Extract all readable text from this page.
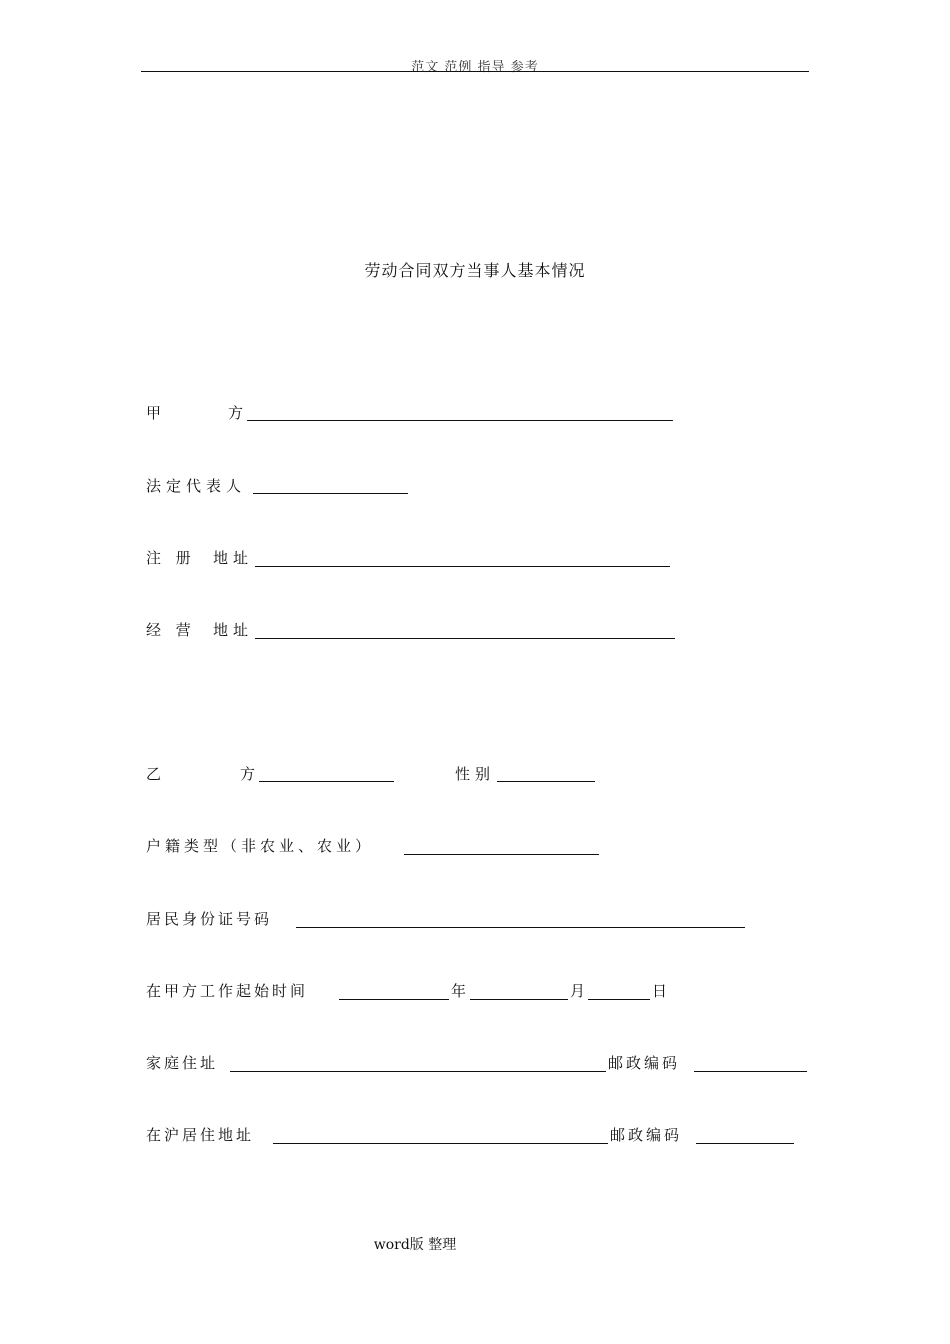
范文 范例 指导 参考
劳动合同双方当事人基本情况
甲	方
法定代表人
注 册 地址
经 营 地址
乙	方	性别
户籍类型（非农业、农业）
居民身份证号码
在甲方工作起始时间	年	月	日
家庭住址	邮政编码
在沪居住地址	邮政编码
word版 整理
